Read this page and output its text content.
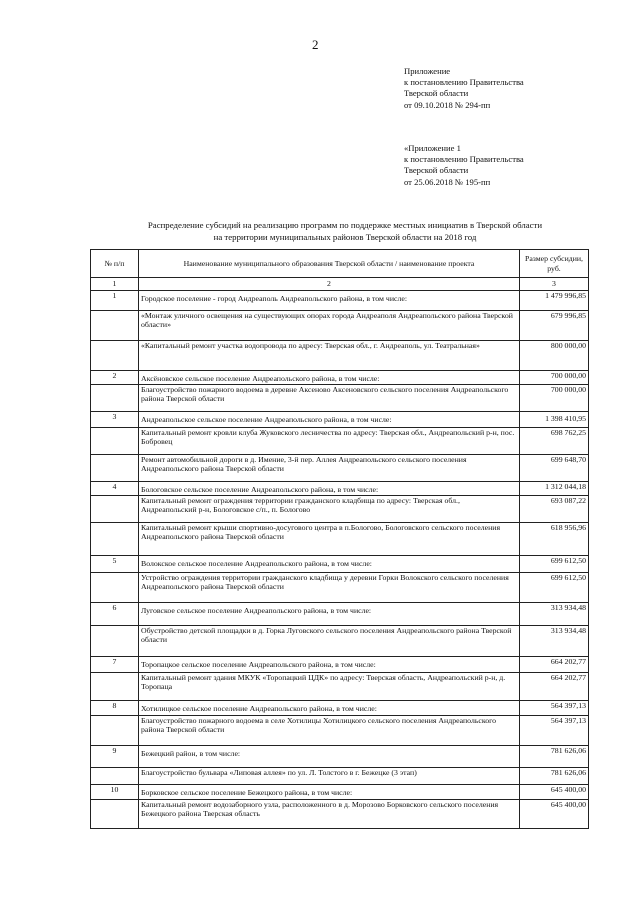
2
Приложение
к постановлению Правительства
Тверской области
от 09.10.2018 № 294-пп
«Приложение 1
к постановлению Правительства
Тверской области
от 25.06.2018 № 195-пп
Распределение субсидий на реализацию программ по поддержке местных инициатив в Тверской области
на территории муниципальных районов Тверской области на 2018 год
№ п/п	Наименование муниципального образования Тверской области / наименование проекта	Размер субсидии, руб.
1	2	3
1	Городское поселение - город Андреаполь Андреапольского района, в том числе:	1 479 996,85
	«Монтаж уличного освещения на существующих опорах города Андреаполя Андреапольского района Тверской области»	679 996,85
	«Капитальный ремонт участка водопровода по адресу: Тверская обл., г. Андреаполь, ул. Театральная»	800 000,00
2	Аксёновское сельское поселение Андреапольского района, в том числе:	700 000,00
	Благоустройство пожарного водоема в деревне Аксеново Аксеновского сельского поселения Андреапольского района Тверской области	700 000,00
3	Андреапольское сельское поселение Андреапольского района, в том числе:	1 398 410,95
	Капитальный ремонт кровли клуба Жуковского лесничества по адресу: Тверская обл., Андреапольский р-н, пос. Бобровец	698 762,25
	Ремонт автомобильной дороги в д. Имение, 3-й пер. Аллея Андреапольского сельского поселения Андреапольского района Тверской области	699 648,70
4	Бологовское сельское поселение Андреапольского района, в том числе:	1 312 044,18
	Капитальный ремонт ограждения территории гражданского кладбища по адресу: Тверская обл., Андреапольский р-н, Бологовское с/п., п. Бологово	693 087,22
	Капитальный ремонт крыши спортивно-досугового центра в п.Бологово, Бологовского сельского поселения Андреапольского района Тверской области	618 956,96
5	Волокское сельское поселение Андреапольского района, в том числе:	699 612,50
	Устройство ограждения территории гражданского кладбища у деревни Горки Волокского сельского поселения Андреапольского района Тверской области	699 612,50
6	Луговское сельское поселение Андреапольского района, в том числе:	313 934,48
	Обустройство детской площадки в д. Горка Луговского сельского поселения Андреапольского района Тверской области	313 934,48
7	Торопацкое сельское поселение Андреапольского района, в том числе:	664 202,77
	Капитальный ремонт здания МКУК «Торопацкий ЦДК» по адресу: Тверская область, Андреапольский р-н, д. Торопаца	664 202,77
8	Хотилицкое сельское поселение Андреапольского района, в том числе:	564 397,13
	Благоустройство пожарного водоема в селе Хотилицы Хотилицкого сельского поселения Андреапольского района Тверской области	564 397,13
9	Бежецкий район, в том числе:	781 626,06
	Благоустройство бульвара «Липовая аллея» по ул. Л. Толстого в г. Бежецке (3 этап)	781 626,06
10	Борковское сельское поселение Бежецкого района, в том числе:	645 400,00
	Капитальный ремонт водозаборного узла, расположенного в д. Морозово Борковского сельского поселения Бежецкого района Тверская область	645 400,00
